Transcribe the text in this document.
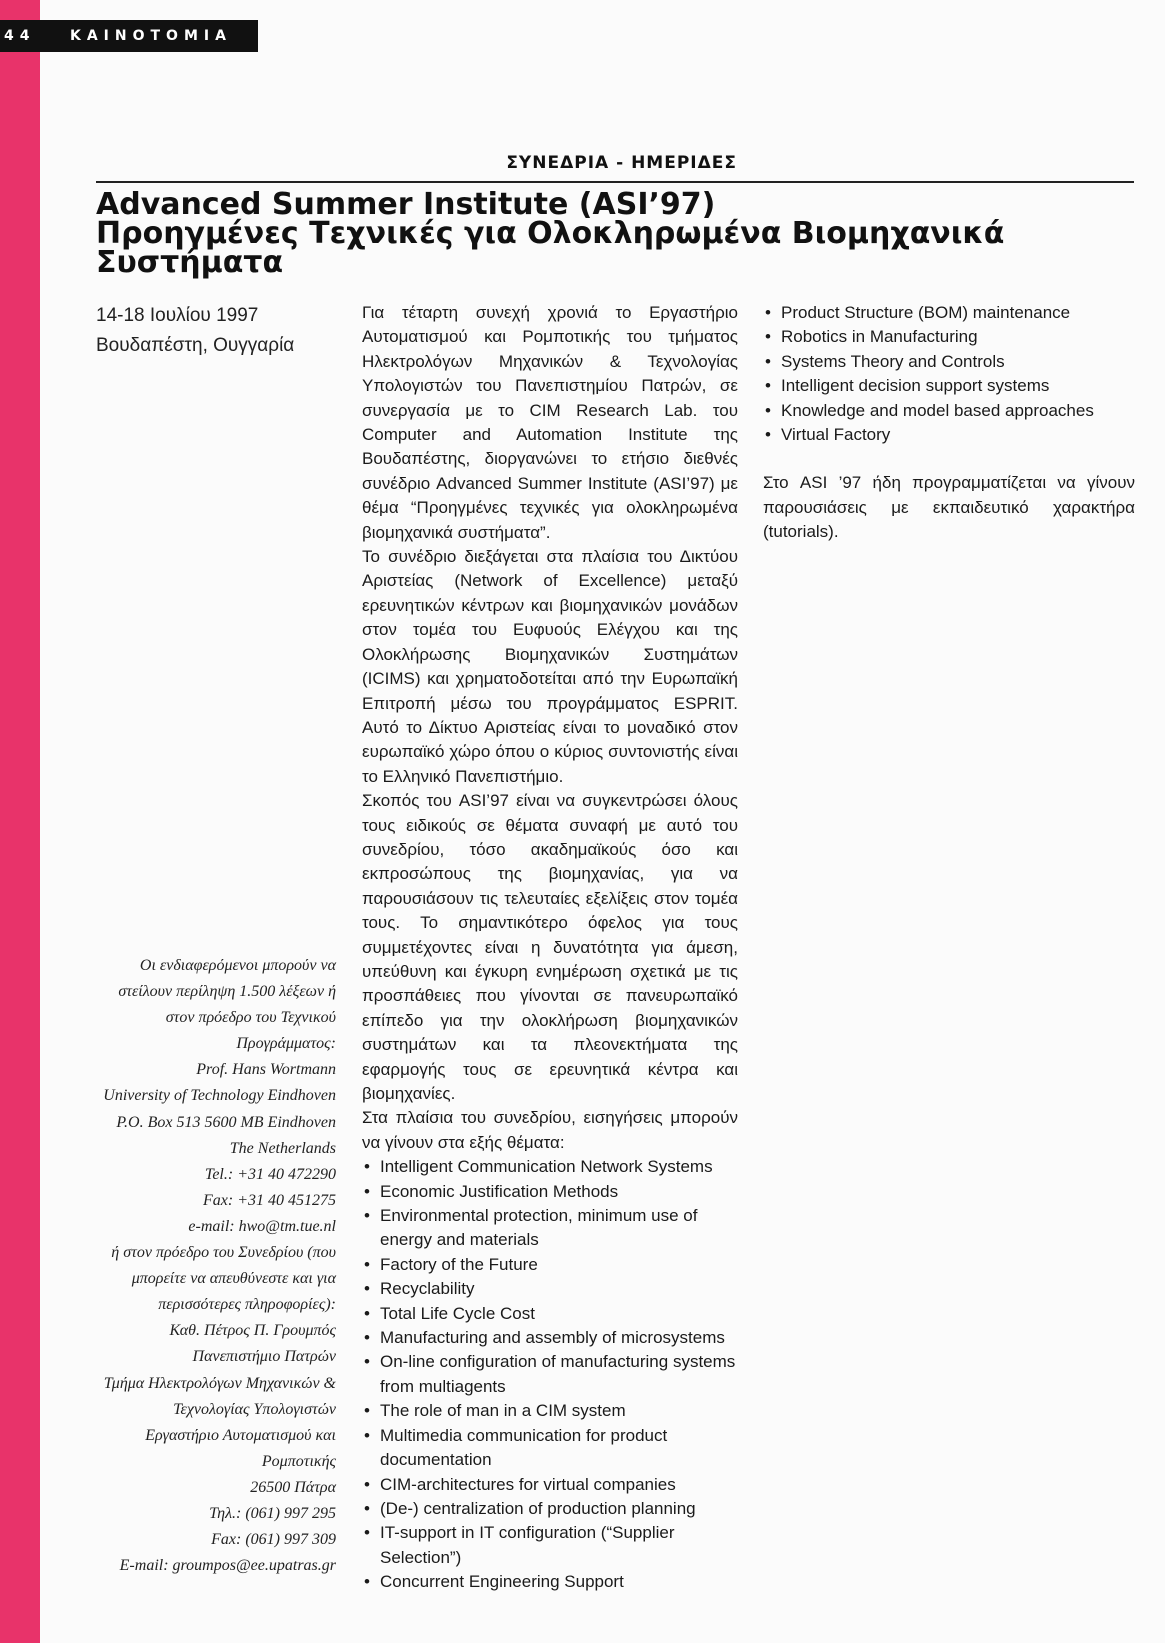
44 ΚΑΙΝΟΤΟΜΙΑ
ΣΥΝΕΔΡΙΑ - ΗΜΕΡΙΔΕΣ
Advanced Summer Institute (ASI’97)
Προηγμένες Τεχνικές για Ολοκληρωμένα Βιομηχανικά
Συστήματα
14-18 Ιουλίου 1997
Βουδαπέστη, Ουγγαρία
Οι ενδιαφερόμενοι μπορούν να
στείλουν περίληψη 1.500 λέξεων ή
στον πρόεδρο του Τεχνικού
Προγράμματος:
Prof. Hans Wortmann
University of Technology Eindhoven
P.O. Box 513 5600 MB Eindhoven
The Netherlands
Tel.: +31 40 472290
Fax: +31 40 451275
e-mail: hwo@tm.tue.nl
ή στον πρόεδρο του Συνεδρίου (που
μπορείτε να απευθύνεστε και για
περισσότερες πληροφορίες):
Καθ. Πέτρος Π. Γρουμπός
Πανεπιστήμιο Πατρών
Τμήμα Ηλεκτρολόγων Μηχανικών &
Τεχνολογίας Υπολογιστών
Εργαστήριο Αυτοματισμού και
Ρομποτικής
26500 Πάτρα
Τηλ.: (061) 997 295
Fax: (061) 997 309
E-mail: groumpos@ee.upatras.gr

Για τέταρτη συνεχή χρονιά το Εργαστήριο Αυτοματισμού και Ρομποτικής του τμήματος Ηλεκτρολόγων Μηχανικών & Τεχνολογίας Υπολογιστών του Πανεπιστημίου Πατρών, σε συνεργασία με το CIM Research Lab. του Computer and Automation Institute της Βουδαπέστης, διοργανώνει το ετήσιο διεθνές συνέδριο Advanced Summer Institute (ASI’97) με θέμα “Προηγμένες τεχνικές για ολοκληρωμένα βιομηχανικά συστήματα”.

Το συνέδριο διεξάγεται στα πλαίσια του Δικτύου Αριστείας (Network of Excellence) μεταξύ ερευνητικών κέντρων και βιομηχανικών μονάδων στον τομέα του Ευφυούς Ελέγχου και της Ολοκλήρωσης Βιομηχανικών Συστημάτων (ICIMS) και χρηματοδοτείται από την Ευρωπαϊκή Επιτροπή μέσω του προγράμματος ESPRIT. Αυτό το Δίκτυο Αριστείας είναι το μοναδικό στον ευρωπαϊκό χώρο όπου ο κύριος συντονιστής είναι το Ελληνικό Πανεπιστήμιο.

Σκοπός του ASI’97 είναι να συγκεντρώσει όλους τους ειδικούς σε θέματα συναφή με αυτό του συνεδρίου, τόσο ακαδημαϊκούς όσο και εκπροσώπους της βιομηχανίας, για να παρουσιάσουν τις τελευταίες εξελίξεις στον τομέα τους. Το σημαντικότερο όφελος για τους συμμετέχοντες είναι η δυνατότητα για άμεση, υπεύθυνη και έγκυρη ενημέρωση σχετικά με τις προσπάθειες που γίνονται σε πανευρωπαϊκό επίπεδο για την ολοκλήρωση βιομηχανικών συστημάτων και τα πλεονεκτήματα της εφαρμογής τους σε ερευνητικά κέντρα και βιομηχανίες.

Στα πλαίσια του συνεδρίου, εισηγήσεις μπορούν να γίνουν στα εξής θέματα:

• Intelligent Communication Network Systems
• Economic Justification Methods
• Environmental protection, minimum use of energy and materials
• Factory of the Future
• Recyclability
• Total Life Cycle Cost
• Manufacturing and assembly of microsystems
• On-line configuration of manufacturing systems from multiagents
• The role of man in a CIM system
• Multimedia communication for product documentation
• CIM-architectures for virtual companies
• (De-) centralization of production planning
• IT-support in IT configuration (“Supplier Selection”)
• Concurrent Engineering Support
• Product Structure (BOM) maintenance
• Robotics in Manufacturing
• Systems Theory and Controls
• Intelligent decision support systems
• Knowledge and model based approaches
• Virtual Factory

Στο ASI ’97 ήδη προγραμματίζεται να γίνουν παρουσιάσεις με εκπαιδευτικό χαρακτήρα (tutorials).
